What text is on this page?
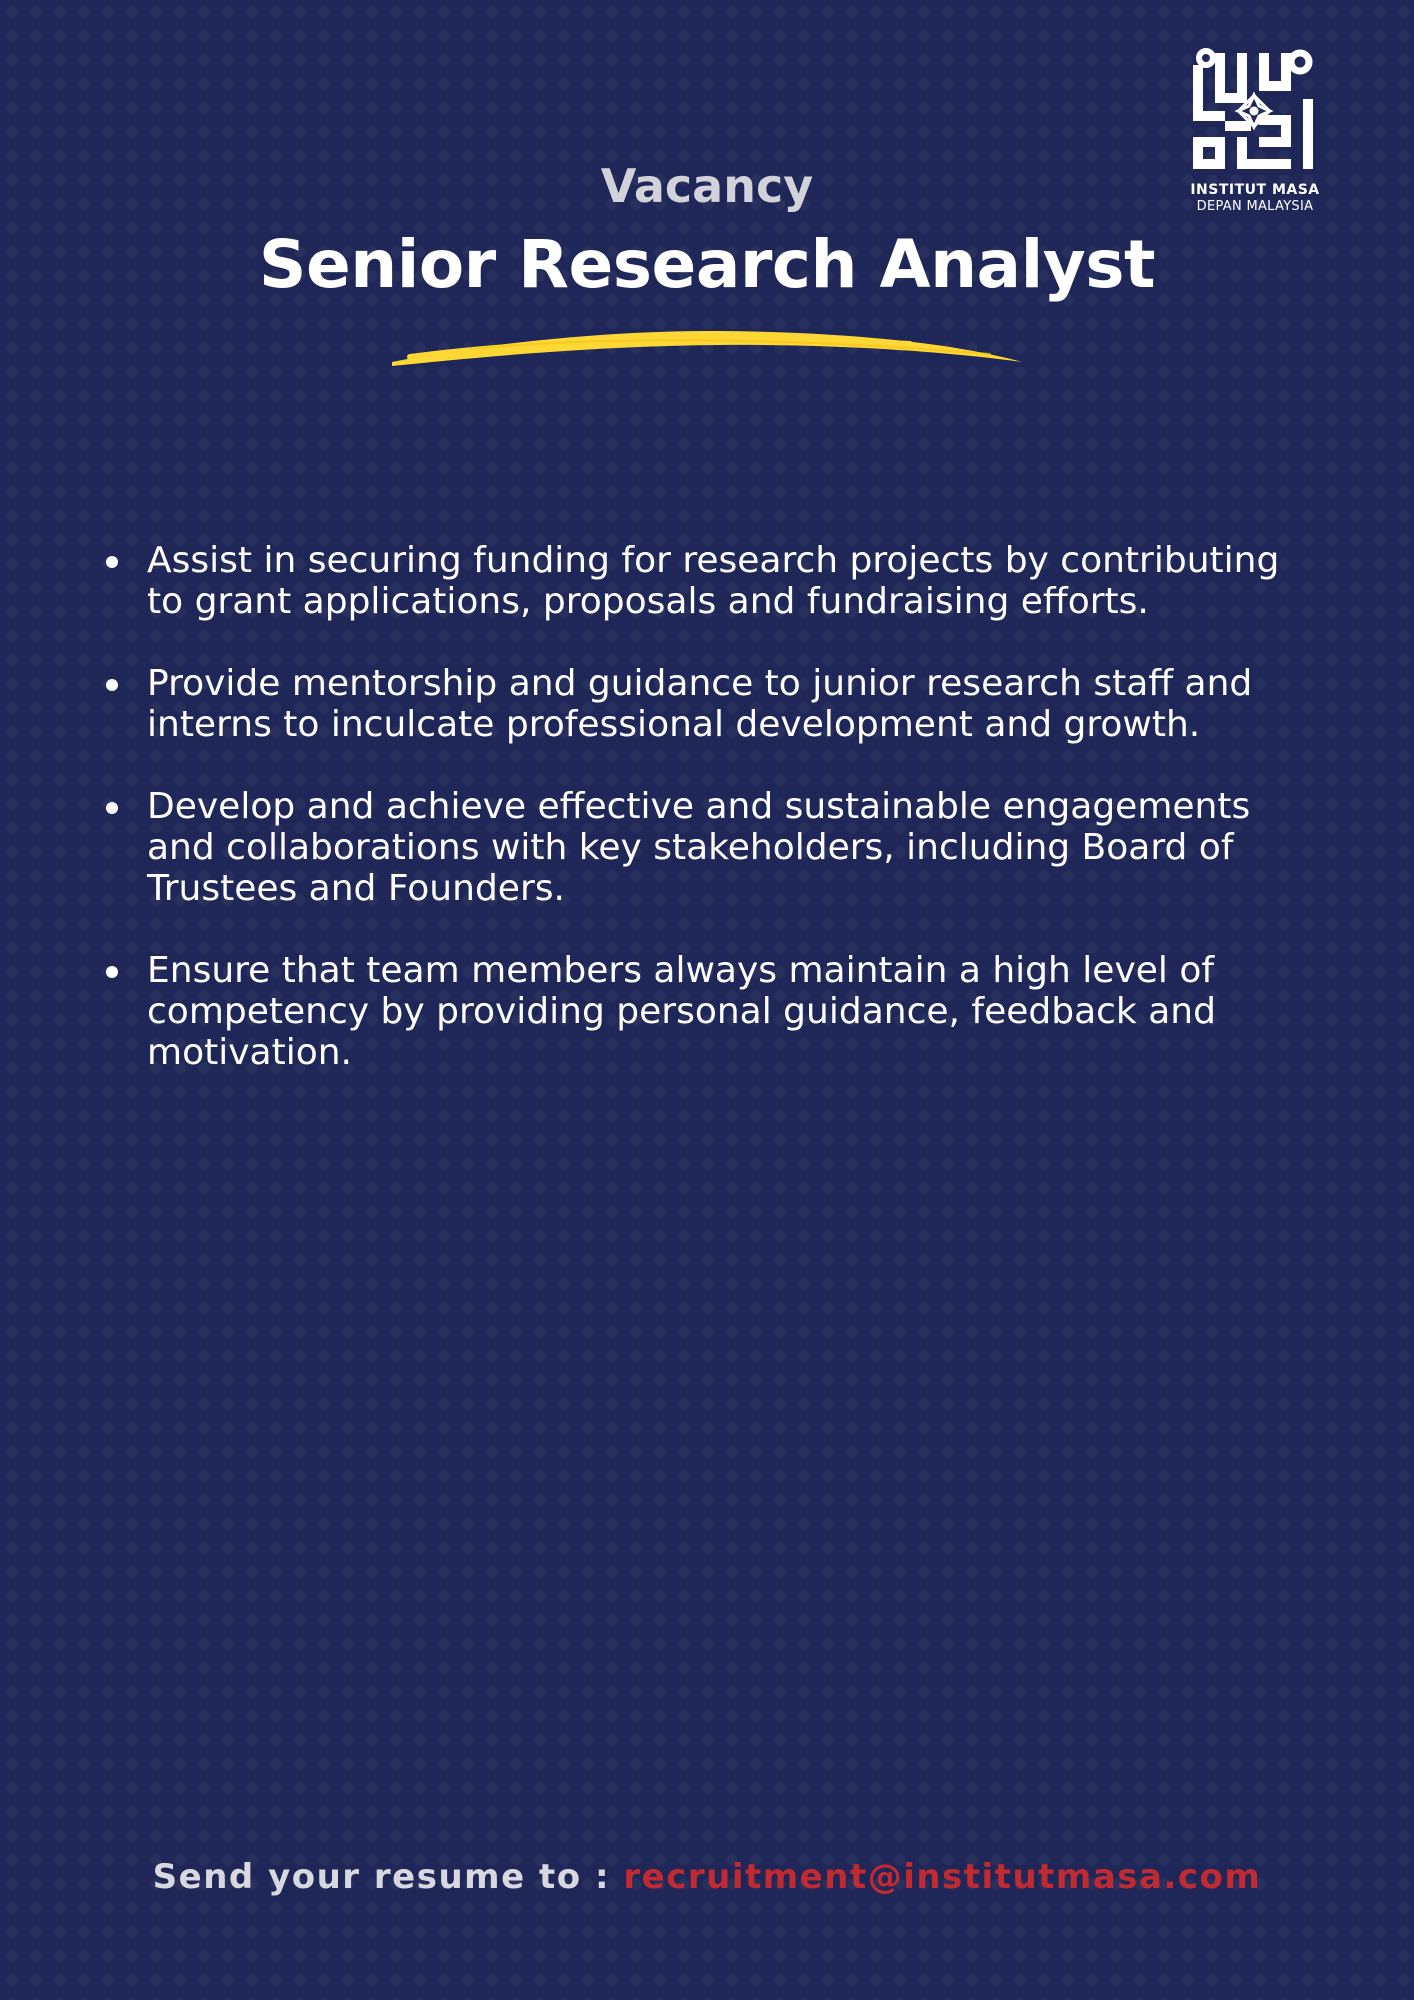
INSTITUT MASA
DEPAN MALAYSIA
Vacancy
Senior Research Analyst
Assist in securing funding for research projects by contributing to grant applications, proposals and fundraising efforts.
Provide mentorship and guidance to junior research staff and interns to inculcate professional development and growth.
Develop and achieve effective and sustainable engagements and collaborations with key stakeholders, including Board of Trustees and Founders.
Ensure that team members always maintain a high level of competency by providing personal guidance, feedback and motivation.
Send your resume to : recruitment@institutmasa.com
